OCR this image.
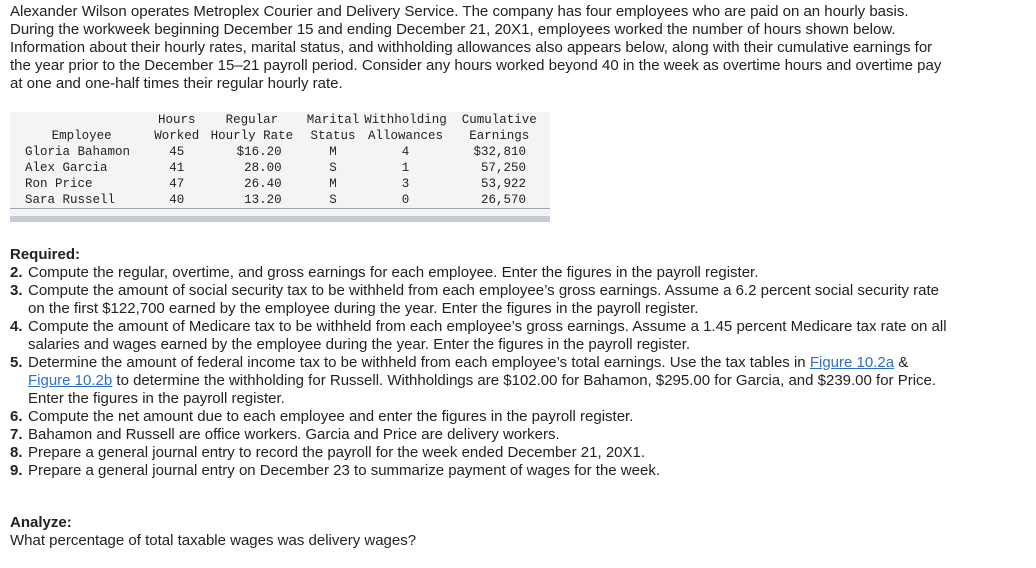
Alexander Wilson operates Metroplex Courier and Delivery Service. The company has four employees who are paid on an hourly basis. During the workweek beginning December 15 and ending December 21, 20X1, employees worked the number of hours shown below. Information about their hourly rates, marital status, and withholding allowances also appears below, along with their cumulative earnings for the year prior to the December 15–21 payroll period. Consider any hours worked beyond 40 in the week as overtime hours and overtime pay at one and one-half times their regular hourly rate.

	Hours	Regular	Marital	Withholding	Cumulative
Employee	Worked	Hourly Rate	Status	Allowances	Earnings
Gloria Bahamon	45	$16.20	M	4	$32,810
Alex Garcia	41	28.00	S	1	57,250
Ron Price	47	26.40	M	3	53,922
Sara Russell	40	13.20	S	0	26,570
Required:
2. Compute the regular, overtime, and gross earnings for each employee. Enter the figures in the payroll register.
3. Compute the amount of social security tax to be withheld from each employee’s gross earnings. Assume a 6.2 percent social security rate on the first $122,700 earned by the employee during the year. Enter the figures in the payroll register.
4. Compute the amount of Medicare tax to be withheld from each employee’s gross earnings. Assume a 1.45 percent Medicare tax rate on all salaries and wages earned by the employee during the year. Enter the figures in the payroll register.
5. Determine the amount of federal income tax to be withheld from each employee’s total earnings. Use the tax tables in Figure 10.2a & Figure 10.2b to determine the withholding for Russell. Withholdings are $102.00 for Bahamon, $295.00 for Garcia, and $239.00 for Price. Enter the figures in the payroll register.
6. Compute the net amount due to each employee and enter the figures in the payroll register.
7. Bahamon and Russell are office workers. Garcia and Price are delivery workers.
8. Prepare a general journal entry to record the payroll for the week ended December 21, 20X1.
9. Prepare a general journal entry on December 23 to summarize payment of wages for the week.
Analyze:
What percentage of total taxable wages was delivery wages?
